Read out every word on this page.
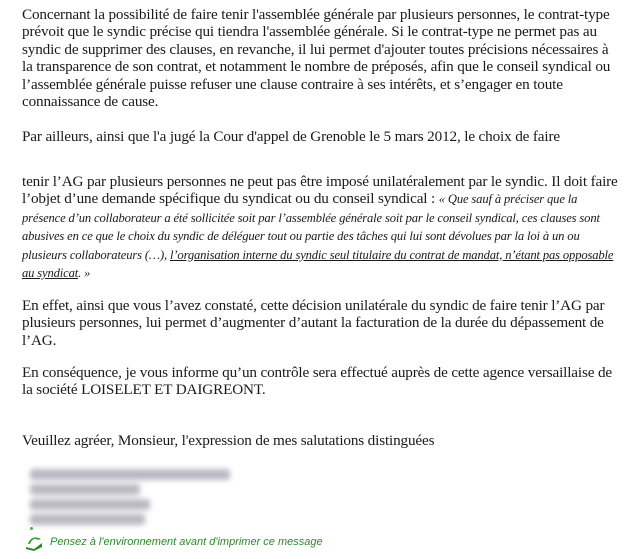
Concernant la possibilité de faire tenir l'assemblée générale par plusieurs personnes, le contrat-type prévoit que le syndic précise qui tiendra l'assemblée générale. Si le contrat-type ne permet pas au syndic de supprimer des clauses, en revanche, il lui permet d'ajouter toutes précisions nécessaires à la transparence de son contrat, et notamment le nombre de préposés, afin que le conseil syndical ou l’assemblée générale puisse refuser une clause contraire à ses intérêts, et s’engager en toute connaissance de cause.

Par ailleurs, ainsi que l'a jugé la Cour d'appel de Grenoble le 5 mars 2012, le choix de faire

tenir l’AG par plusieurs personnes ne peut pas être imposé unilatéralement par le syndic. Il doit faire l’objet d’une demande spécifique du syndicat ou du conseil syndical : « Que sauf à préciser que la présence d’un collaborateur a été sollicitée soit par l’assemblée générale soit par le conseil syndical, ces clauses sont abusives en ce que le choix du syndic de déléguer tout ou partie des tâches qui lui sont dévolues par la loi à un ou plusieurs collaborateurs (…), l’organisation interne du syndic seul titulaire du contrat de mandat, n’étant pas opposable au syndicat. »

En effet, ainsi que vous l’avez constaté, cette décision unilatérale du syndic de faire tenir l’AG par plusieurs personnes, lui permet d’augmenter d’autant la facturation de la durée du dépassement de l’AG.

En conséquence, je vous informe qu’un contrôle sera effectué auprès de cette agence versaillaise de la société LOISELET ET DAIGREONT.

Veuillez agréer, Monsieur, l'expression de mes salutations distinguées

Pensez à l'environnement avant d'imprimer ce message
